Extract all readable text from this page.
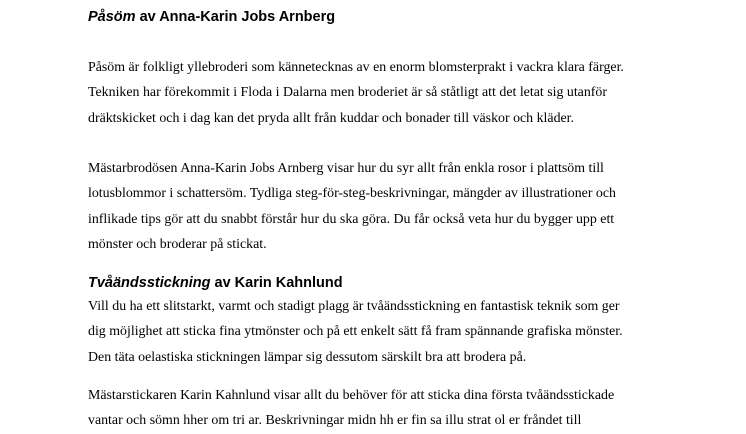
Påsöm av Anna-Karin Jobs Arnberg
Påsöm är folkligt yllebroderi som kännetecknas av en enorm blomsterprakt i vackra klara färger.
Tekniken har förekommit i Floda i Dalarna men broderiet är så ståtligt att det letat sig utanför
dräktskicket och i dag kan det pryda allt från kuddar och bonader till väskor och kläder.
Mästarbrodösen Anna-Karin Jobs Arnberg visar hur du syr allt från enkla rosor i plattsöm till
lotusblommor i schattersöm. Tydliga steg-för-steg-beskrivningar, mängder av illustrationer och
inflikade tips gör att du snabbt förstår hur du ska göra. Du får också veta hur du bygger upp ett
mönster och broderar på stickat.
Tvåändsstickning av Karin Kahnlund
Vill du ha ett slitstarkt, varmt och stadigt plagg är tvåändsstickning en fantastisk teknik som ger
dig möjlighet att sticka fina ytmönster och på ett enkelt sätt få fram spännande grafiska mönster.
Den täta oelastiska stickningen lämpar sig dessutom särskilt bra att brodera på.
Mästarstickaren Karin Kahnlund visar allt du behöver för att sticka dina första tvåändsstickade
vantar och sömn hher om tri ar. Beskrivningar midn hh er fin sa illu strat ol er fråndet till
